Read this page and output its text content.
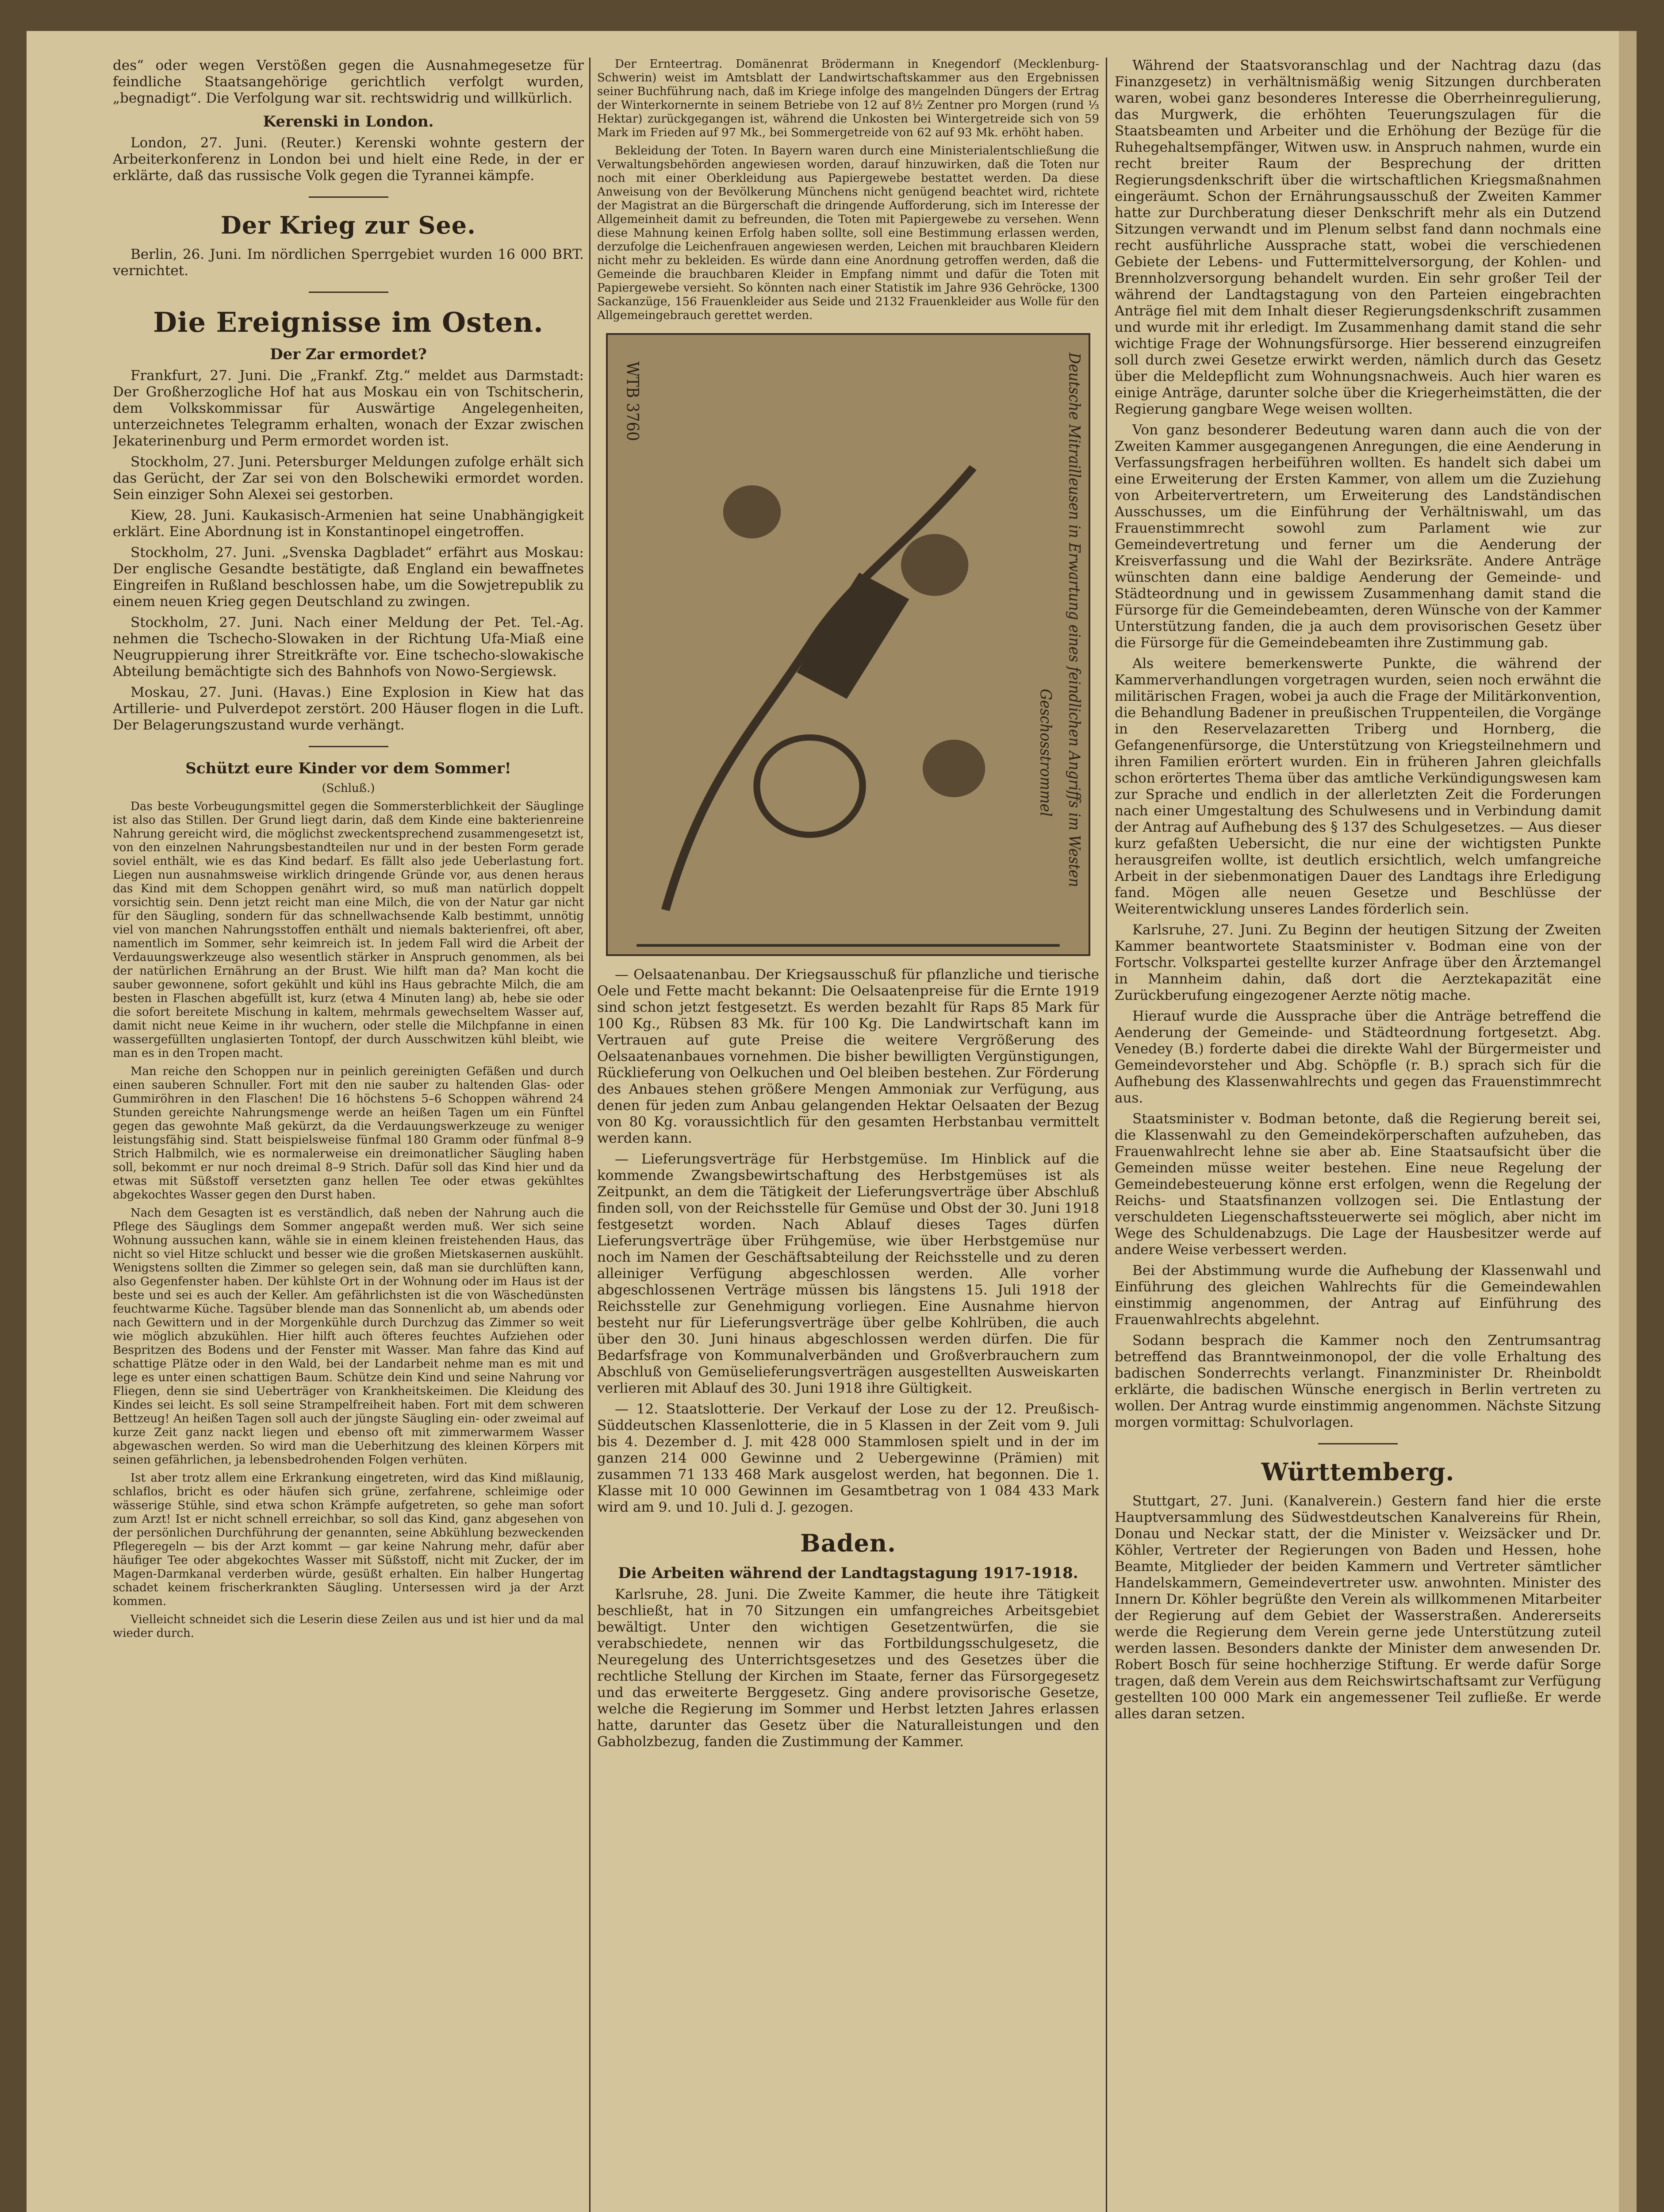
des“ oder wegen Verstößen gegen die Ausnahmegesetze für feindliche Staatsangehörige gerichtlich verfolgt wurden, „begnadigt“. Die Verfolgung war sit. rechtswidrig und willkürlich.

Kerenski in London.

London, 27. Juni. (Reuter.) Kerenski wohnte gestern der Arbeiterkonferenz in London bei und hielt eine Rede, in der er erklärte, daß das russische Volk gegen die Tyrannei kämpfe.

Der Krieg zur See.

Berlin, 26. Juni. Im nördlichen Sperrgebiet wurden 16 000 BRT. vernichtet.

Die Ereignisse im Osten.
Der Zar ermordet?

Frankfurt, 27. Juni. Die „Frankf. Ztg.“ meldet aus Darmstadt: Der Großherzogliche Hof hat aus Moskau ein von Tschitscherin, dem Volkskommissar für Auswärtige Angelegenheiten, unterzeichnetes Telegramm erhalten, wonach der Exzar zwischen Jekaterinenburg und Perm ermordet worden ist.

Stockholm, 27. Juni. Petersburger Meldungen zufolge erhält sich das Gerücht, der Zar sei von den Bolschewiki ermordet worden. Sein einziger Sohn Alexei sei gestorben.

Kiew, 28. Juni. Kaukasisch-Armenien hat seine Unabhängigkeit erklärt. Eine Abordnung ist in Konstantinopel eingetroffen.

Stockholm, 27. Juni. „Svenska Dagbladet“ erfährt aus Moskau: Der englische Gesandte bestätigte, daß England ein bewaffnetes Eingreifen in Rußland beschlossen habe, um die Sowjetrepublik zu einem neuen Krieg gegen Deutschland zu zwingen.

Stockholm, 27. Juni. Nach einer Meldung der Pet. Tel.-Ag. nehmen die Tschecho-Slowaken in der Richtung Ufa-Miaß eine Neugruppierung ihrer Streitkräfte vor. Eine tschecho-slowakische Abteilung bemächtigte sich des Bahnhofs von Nowo-Sergiewsk.

Moskau, 27. Juni. (Havas.) Eine Explosion in Kiew hat das Artillerie- und Pulverdepot zerstört. 200 Häuser flogen in die Luft. Der Belagerungszustand wurde verhängt.

Schützt eure Kinder vor dem Sommer!

(Schluß.)

Das beste Vorbeugungsmittel gegen die Sommersterblichkeit der Säuglinge ist also das Stillen. Der Grund liegt darin, daß dem Kinde eine bakterienreine Nahrung gereicht wird, die möglichst zweckentsprechend zusammengesetzt ist, von den einzelnen Nahrungsbestandteilen nur und in der besten Form gerade soviel enthält, wie es das Kind bedarf. Es fällt also jede Ueberlastung fort. Liegen nun ausnahmsweise wirklich dringende Gründe vor, aus denen heraus das Kind mit dem Schoppen genährt wird, so muß man natürlich doppelt vorsichtig sein. Denn jetzt reicht man eine Milch, die von der Natur gar nicht für den Säugling, sondern für das schnellwachsende Kalb bestimmt, unnötig viel von manchen Nahrungsstoffen enthält und niemals bakterienfrei, oft aber, namentlich im Sommer, sehr keimreich ist. In jedem Fall wird die Arbeit der Verdauungswerkzeuge also wesentlich stärker in Anspruch genommen, als bei der natürlichen Ernährung an der Brust. Wie hilft man da? Man kocht die sauber gewonnene, sofort gekühlt und kühl ins Haus gebrachte Milch, die am besten in Flaschen abgefüllt ist, kurz (etwa 4 Minuten lang) ab, hebe sie oder die sofort bereitete Mischung in kaltem, mehrmals gewechseltem Wasser auf, damit nicht neue Keime in ihr wuchern, oder stelle die Milchpfanne in einen wassergefüllten unglasierten Tontopf, der durch Ausschwitzen kühl bleibt, wie man es in den Tropen macht.

Man reiche den Schoppen nur in peinlich gereinigten Gefäßen und durch einen sauberen Schnuller. Fort mit den nie sauber zu haltenden Glas- oder Gummiröhren in den Flaschen! Die 16 höchstens 5–6 Schoppen während 24 Stunden gereichte Nahrungsmenge werde an heißen Tagen um ein Fünftel gegen das gewohnte Maß gekürzt, da die Verdauungswerkzeuge zu weniger leistungsfähig sind. Statt beispielsweise fünfmal 180 Gramm oder fünfmal 8–9 Strich Halbmilch, wie es normalerweise ein dreimonatlicher Säugling haben soll, bekommt er nur noch dreimal 8–9 Strich. Dafür soll das Kind hier und da etwas mit Süßstoff versetzten ganz hellen Tee oder etwas gekühltes abgekochtes Wasser gegen den Durst haben.

Nach dem Gesagten ist es verständlich, daß neben der Nahrung auch die Pflege des Säuglings dem Sommer angepaßt werden muß. Wer sich seine Wohnung aussuchen kann, wähle sie in einem kleinen freistehenden Haus, das nicht so viel Hitze schluckt und besser wie die großen Mietskasernen auskühlt. Wenigstens sollten die Zimmer so gelegen sein, daß man sie durchlüften kann, also Gegenfenster haben. Der kühlste Ort in der Wohnung oder im Haus ist der beste und sei es auch der Keller. Am gefährlichsten ist die von Wäschedünsten feuchtwarme Küche. Tagsüber blende man das Sonnenlicht ab, um abends oder nach Gewittern und in der Morgenkühle durch Durchzug das Zimmer so weit wie möglich abzukühlen. Hier hilft auch öfteres feuchtes Aufziehen oder Bespritzen des Bodens und der Fenster mit Wasser. Man fahre das Kind auf schattige Plätze oder in den Wald, bei der Landarbeit nehme man es mit und lege es unter einen schattigen Baum. Schütze dein Kind und seine Nahrung vor Fliegen, denn sie sind Ueberträger von Krankheitskeimen. Die Kleidung des Kindes sei leicht. Es soll seine Strampelfreiheit haben. Fort mit dem schweren Bettzeug! An heißen Tagen soll auch der jüngste Säugling ein- oder zweimal auf kurze Zeit ganz nackt liegen und ebenso oft mit zimmerwarmem Wasser abgewaschen werden. So wird man die Ueberhitzung des kleinen Körpers mit seinen gefährlichen, ja lebensbedrohenden Folgen verhüten.

Ist aber trotz allem eine Erkrankung eingetreten, wird das Kind mißlaunig, schlaflos, bricht es oder häufen sich grüne, zerfahrene, schleimige oder wässerige Stühle, sind etwa schon Krämpfe aufgetreten, so gehe man sofort zum Arzt! Ist er nicht schnell erreichbar, so soll das Kind, ganz abgesehen von der persönlichen Durchführung der genannten, seine Abkühlung bezweckenden Pflegeregeln — bis der Arzt kommt — gar keine Nahrung mehr, dafür aber häufiger Tee oder abgekochtes Wasser mit Süßstoff, nicht mit Zucker, der im Magen-Darmkanal verderben würde, gesüßt erhalten. Ein halber Hungertag schadet keinem frischerkrankten Säugling. Untersessen wird ja der Arzt kommen.

Vielleicht schneidet sich die Leserin diese Zeilen aus und ist hier und da mal wieder durch.

Der Ernteertrag. Domänenrat Brödermann in Knegendorf (Mecklenburg-Schwerin) weist im Amtsblatt der Landwirtschaftskammer aus den Ergebnissen seiner Buchführung nach, daß im Kriege infolge des mangelnden Düngers der Ertrag der Winterkornernte in seinem Betriebe von 12 auf 8½ Zentner pro Morgen (rund ⅓ Hektar) zurückgegangen ist, während die Unkosten bei Wintergetreide sich von 59 Mark im Frieden auf 97 Mk., bei Sommergetreide von 62 auf 93 Mk. erhöht haben.

Bekleidung der Toten. In Bayern waren durch eine Ministerialentschließung die Verwaltungsbehörden angewiesen worden, darauf hinzuwirken, daß die Toten nur noch mit einer Oberkleidung aus Papiergewebe bestattet werden. Da diese Anweisung von der Bevölkerung Münchens nicht genügend beachtet wird, richtete der Magistrat an die Bürgerschaft die dringende Aufforderung, sich im Interesse der Allgemeinheit damit zu befreunden, die Toten mit Papiergewebe zu versehen. Wenn diese Mahnung keinen Erfolg haben sollte, soll eine Bestimmung erlassen werden, derzufolge die Leichenfrauen angewiesen werden, Leichen mit brauchbaren Kleidern nicht mehr zu bekleiden. Es würde dann eine Anordnung getroffen werden, daß die Gemeinde die brauchbaren Kleider in Empfang nimmt und dafür die Toten mit Papiergewebe versieht. So könnten nach einer Statistik im Jahre 936 Gehröcke, 1300 Sackanzüge, 156 Frauenkleider aus Seide und 2132 Frauenkleider aus Wolle für den Allgemeingebrauch gerettet werden.

WTB 3760	Deutsche Mitrailleusen in Erwartung eines feindlichen Angriffs im Westen
Geschosstrommel

— Oelsaatenanbau. Der Kriegsausschuß für pflanzliche und tierische Oele und Fette macht bekannt: Die Oelsaatenpreise für die Ernte 1919 sind schon jetzt festgesetzt. Es werden bezahlt für Raps 85 Mark für 100 Kg., Rübsen 83 Mk. für 100 Kg. Die Landwirtschaft kann im Vertrauen auf gute Preise die weitere Vergrößerung des Oelsaatenanbaues vornehmen. Die bisher bewilligten Vergünstigungen, Rücklieferung von Oelkuchen und Oel bleiben bestehen. Zur Förderung des Anbaues stehen größere Mengen Ammoniak zur Verfügung, aus denen für jeden zum Anbau gelangenden Hektar Oelsaaten der Bezug von 80 Kg. voraussichtlich für den gesamten Herbstanbau vermittelt werden kann.

— Lieferungsverträge für Herbstgemüse. Im Hinblick auf die kommende Zwangsbewirtschaftung des Herbstgemüses ist als Zeitpunkt, an dem die Tätigkeit der Lieferungsverträge über Abschluß finden soll, von der Reichsstelle für Gemüse und Obst der 30. Juni 1918 festgesetzt worden. Nach Ablauf dieses Tages dürfen Lieferungsverträge über Frühgemüse, wie über Herbstgemüse nur noch im Namen der Geschäftsabteilung der Reichsstelle und zu deren alleiniger Verfügung abgeschlossen werden. Alle vorher abgeschlossenen Verträge müssen bis längstens 15. Juli 1918 der Reichsstelle zur Genehmigung vorliegen. Eine Ausnahme hiervon besteht nur für Lieferungsverträge über gelbe Kohlrüben, die auch über den 30. Juni hinaus abgeschlossen werden dürfen. Die für Bedarfsfrage von Kommunalverbänden und Großverbrauchern zum Abschluß von Gemüselieferungsverträgen ausgestellten Ausweiskarten verlieren mit Ablauf des 30. Juni 1918 ihre Gültigkeit.

— 12. Staatslotterie. Der Verkauf der Lose zu der 12. Preußisch-Süddeutschen Klassenlotterie, die in 5 Klassen in der Zeit vom 9. Juli bis 4. Dezember d. J. mit 428 000 Stammlosen spielt und in der im ganzen 214 000 Gewinne und 2 Uebergewinne (Prämien) mit zusammen 71 133 468 Mark ausgelost werden, hat begonnen. Die 1. Klasse mit 10 000 Gewinnen im Gesamtbetrag von 1 084 433 Mark wird am 9. und 10. Juli d. J. gezogen.

Baden.
Die Arbeiten während der Landtagstagung 1917-1918.

Karlsruhe, 28. Juni. Die Zweite Kammer, die heute ihre Tätigkeit beschließt, hat in 70 Sitzungen ein umfangreiches Arbeitsgebiet bewältigt. Unter den wichtigen Gesetzentwürfen, die sie verabschiedete, nennen wir das Fortbildungsschulgesetz, die Neuregelung des Unterrichtsgesetzes und des Gesetzes über die rechtliche Stellung der Kirchen im Staate, ferner das Fürsorgegesetz und das erweiterte Berggesetz. Ging andere provisorische Gesetze, welche die Regierung im Sommer und Herbst letzten Jahres erlassen hatte, darunter das Gesetz über die Naturalleistungen und den Gabholzbezug, fanden die Zustimmung der Kammer.

Während der Staatsvoranschlag und der Nachtrag dazu (das Finanzgesetz) in verhältnismäßig wenig Sitzungen durchberaten waren, wobei ganz besonderes Interesse die Oberrheinregulierung, das Murgwerk, die erhöhten Teuerungszulagen für die Staatsbeamten und Arbeiter und die Erhöhung der Bezüge für die Ruhegehaltsempfänger, Witwen usw. in Anspruch nahmen, wurde ein recht breiter Raum der Besprechung der dritten Regierungsdenkschrift über die wirtschaftlichen Kriegsmaßnahmen eingeräumt. Schon der Ernährungsausschuß der Zweiten Kammer hatte zur Durchberatung dieser Denkschrift mehr als ein Dutzend Sitzungen verwandt und im Plenum selbst fand dann nochmals eine recht ausführliche Aussprache statt, wobei die verschiedenen Gebiete der Lebens- und Futtermittelversorgung, der Kohlen- und Brennholzversorgung behandelt wurden. Ein sehr großer Teil der während der Landtagstagung von den Parteien eingebrachten Anträge fiel mit dem Inhalt dieser Regierungsdenkschrift zusammen und wurde mit ihr erledigt. Im Zusammenhang damit stand die sehr wichtige Frage der Wohnungsfürsorge. Hier besserend einzugreifen soll durch zwei Gesetze erwirkt werden, nämlich durch das Gesetz über die Meldepflicht zum Wohnungsnachweis. Auch hier waren es einige Anträge, darunter solche über die Kriegerheimstätten, die der Regierung gangbare Wege weisen wollten.

Von ganz besonderer Bedeutung waren dann auch die von der Zweiten Kammer ausgegangenen Anregungen, die eine Aenderung in Verfassungsfragen herbeiführen wollten. Es handelt sich dabei um eine Erweiterung der Ersten Kammer, von allem um die Zuziehung von Arbeitervertretern, um Erweiterung des Landständischen Ausschusses, um die Einführung der Verhältniswahl, um das Frauenstimmrecht sowohl zum Parlament wie zur Gemeindevertretung und ferner um die Aenderung der Kreisverfassung und die Wahl der Bezirksräte. Andere Anträge wünschten dann eine baldige Aenderung der Gemeinde- und Städteordnung und in gewissem Zusammenhang damit stand die Fürsorge für die Gemeindebeamten, deren Wünsche von der Kammer Unterstützung fanden, die ja auch dem provisorischen Gesetz über die Fürsorge für die Gemeindebeamten ihre Zustimmung gab.

Als weitere bemerkenswerte Punkte, die während der Kammerverhandlungen vorgetragen wurden, seien noch erwähnt die militärischen Fragen, wobei ja auch die Frage der Militärkonvention, die Behandlung Badener in preußischen Truppenteilen, die Vorgänge in den Reservelazaretten Triberg und Hornberg, die Gefangenenfürsorge, die Unterstützung von Kriegsteilnehmern und ihren Familien erörtert wurden. Ein in früheren Jahren gleichfalls schon erörtertes Thema über das amtliche Verkündigungswesen kam zur Sprache und endlich in der allerletzten Zeit die Forderungen nach einer Umgestaltung des Schulwesens und in Verbindung damit der Antrag auf Aufhebung des § 137 des Schulgesetzes. — Aus dieser kurz gefaßten Uebersicht, die nur eine der wichtigsten Punkte herausgreifen wollte, ist deutlich ersichtlich, welch umfangreiche Arbeit in der siebenmonatigen Dauer des Landtags ihre Erledigung fand. Mögen alle neuen Gesetze und Beschlüsse der Weiterentwicklung unseres Landes förderlich sein.

Karlsruhe, 27. Juni. Zu Beginn der heutigen Sitzung der Zweiten Kammer beantwortete Staatsminister v. Bodman eine von der Fortschr. Volkspartei gestellte kurzer Anfrage über den Ärztemangel in Mannheim dahin, daß dort die Aerztekapazität eine Zurückberufung eingezogener Aerzte nötig mache.

Hierauf wurde die Aussprache über die Anträge betreffend die Aenderung der Gemeinde- und Städteordnung fortgesetzt. Abg. Venedey (B.) forderte dabei die direkte Wahl der Bürgermeister und Gemeindevorsteher und Abg. Schöpfle (r. B.) sprach sich für die Aufhebung des Klassenwahlrechts und gegen das Frauenstimmrecht aus.

Staatsminister v. Bodman betonte, daß die Regierung bereit sei, die Klassenwahl zu den Gemeindekörperschaften aufzuheben, das Frauenwahlrecht lehne sie aber ab. Eine Staatsaufsicht über die Gemeinden müsse weiter bestehen. Eine neue Regelung der Gemeindebesteuerung könne erst erfolgen, wenn die Regelung der Reichs- und Staatsfinanzen vollzogen sei. Die Entlastung der verschuldeten Liegenschaftssteuerwerte sei möglich, aber nicht im Wege des Schuldenabzugs. Die Lage der Hausbesitzer werde auf andere Weise verbessert werden.

Bei der Abstimmung wurde die Aufhebung der Klassenwahl und Einführung des gleichen Wahlrechts für die Gemeindewahlen einstimmig angenommen, der Antrag auf Einführung des Frauenwahlrechts abgelehnt.

Sodann besprach die Kammer noch den Zentrumsantrag betreffend das Branntweinmonopol, der die volle Erhaltung des badischen Sonderrechts verlangt. Finanzminister Dr. Rheinboldt erklärte, die badischen Wünsche energisch in Berlin vertreten zu wollen. Der Antrag wurde einstimmig angenommen. Nächste Sitzung morgen vormittag: Schulvorlagen.

Württemberg.

Stuttgart, 27. Juni. (Kanalverein.) Gestern fand hier die erste Hauptversammlung des Südwestdeutschen Kanalvereins für Rhein, Donau und Neckar statt, der die Minister v. Weizsäcker und Dr. Köhler, Vertreter der Regierungen von Baden und Hessen, hohe Beamte, Mitglieder der beiden Kammern und Vertreter sämtlicher Handelskammern, Gemeindevertreter usw. anwohnten. Minister des Innern Dr. Köhler begrüßte den Verein als willkommenen Mitarbeiter der Regierung auf dem Gebiet der Wasserstraßen. Andererseits werde die Regierung dem Verein gerne jede Unterstützung zuteil werden lassen. Besonders dankte der Minister dem anwesenden Dr. Robert Bosch für seine hochherzige Stiftung. Er werde dafür Sorge tragen, daß dem Verein aus dem Reichswirtschaftsamt zur Verfügung gestellten 100 000 Mark ein angemessener Teil zufließe. Er werde alles daran setzen.
